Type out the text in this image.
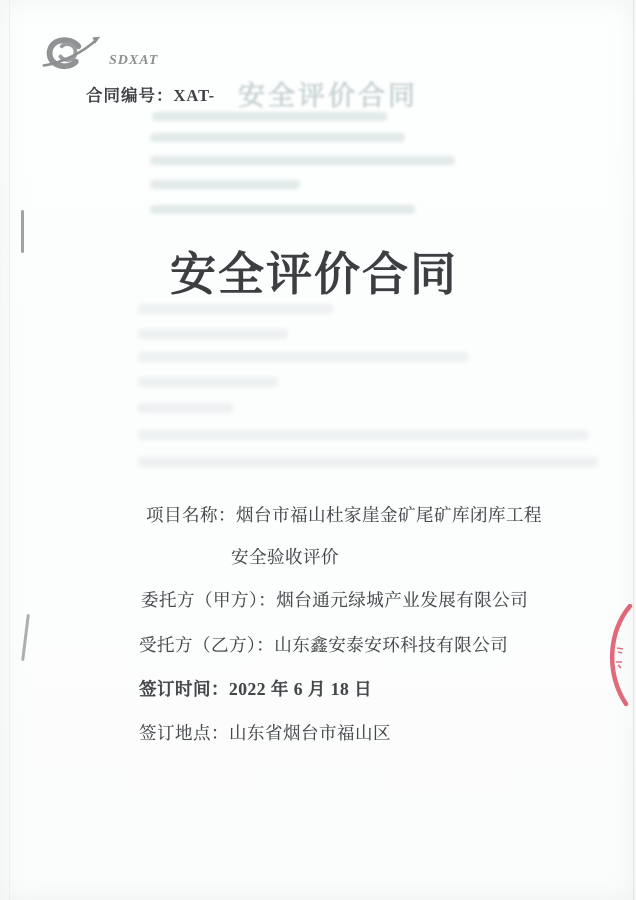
SDXAT
合同编号：XAT- 安全评价合同
安全评价合同
项目名称：烟台市福山杜家崖金矿尾矿库闭库工程
安全验收评价
委托方（甲方）：烟台通元绿城产业发展有限公司
受托方（乙方）：山东鑫安泰安环科技有限公司
签订时间：2022 年 6 月 18 日
签订地点：山东省烟台市福山区
